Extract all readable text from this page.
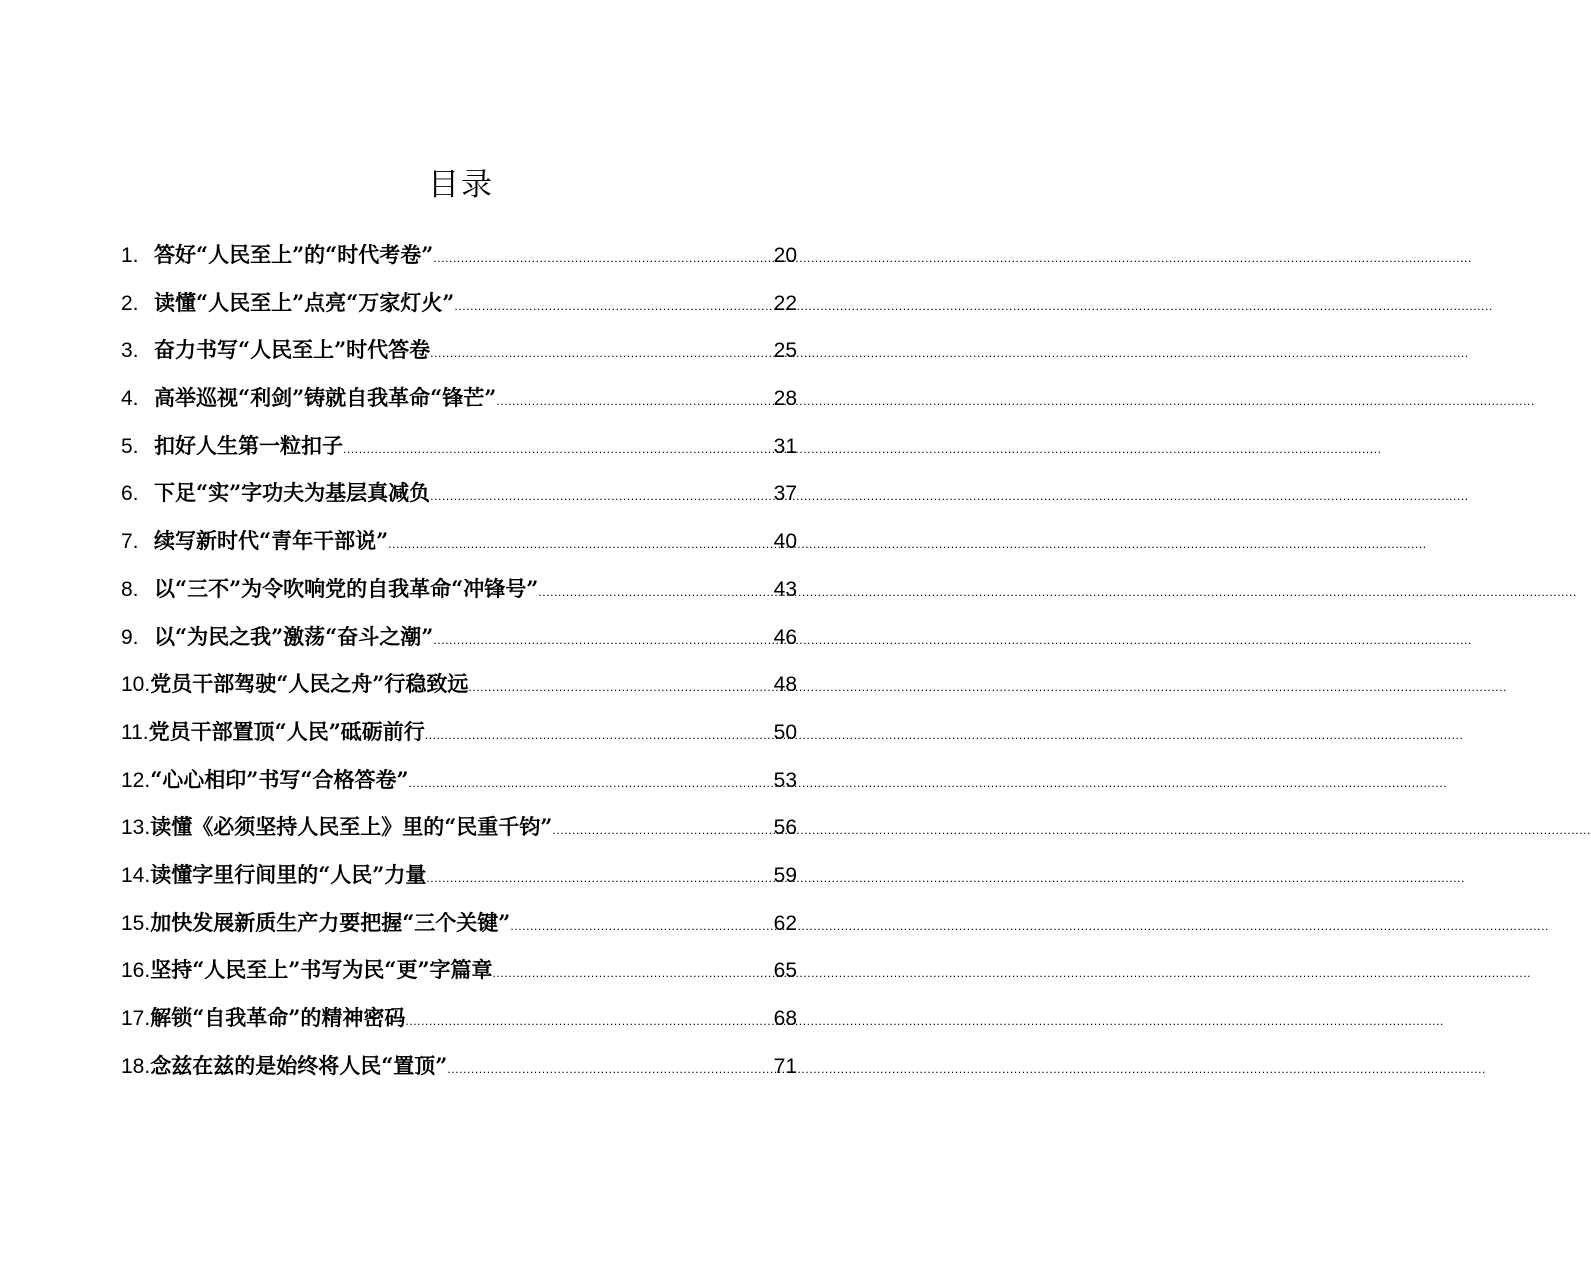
目录
1. 答好“人民至上”的“时代考卷” .....	20
2. 读懂“人民至上”点亮“万家灯火” .....	22
3. 奋力书写“人民至上”时代答卷 .....	25
4. 高举巡视“利剑”铸就自我革命“锋芒” .....	28
5. 扣好人生第一粒扣子 .....	31
6. 下足“实”字功夫为基层真减负 .....	37
7. 续写新时代“青年干部说” .....	40
8. 以“三不”为令吹响党的自我革命“冲锋号” .....	43
9. 以“为民之我”激荡“奋斗之潮” .....	46
10. 党员干部驾驶“人民之舟”行稳致远 .....	48
11. 党员干部置顶“人民”砥砺前行 .....	50
12. “心心相印”书写“合格答卷” .....	53
13. 读懂《必须坚持人民至上》里的“民重千钧” .....	56
14. 读懂字里行间里的“人民”力量 .....	59
15. 加快发展新质生产力要把握“三个关键” .....	62
16. 坚持“人民至上”书写为民“更”字篇章 .....	65
17. 解锁“自我革命”的精神密码 .....	68
18. 念兹在兹的是始终将人民“置顶” .....	71
